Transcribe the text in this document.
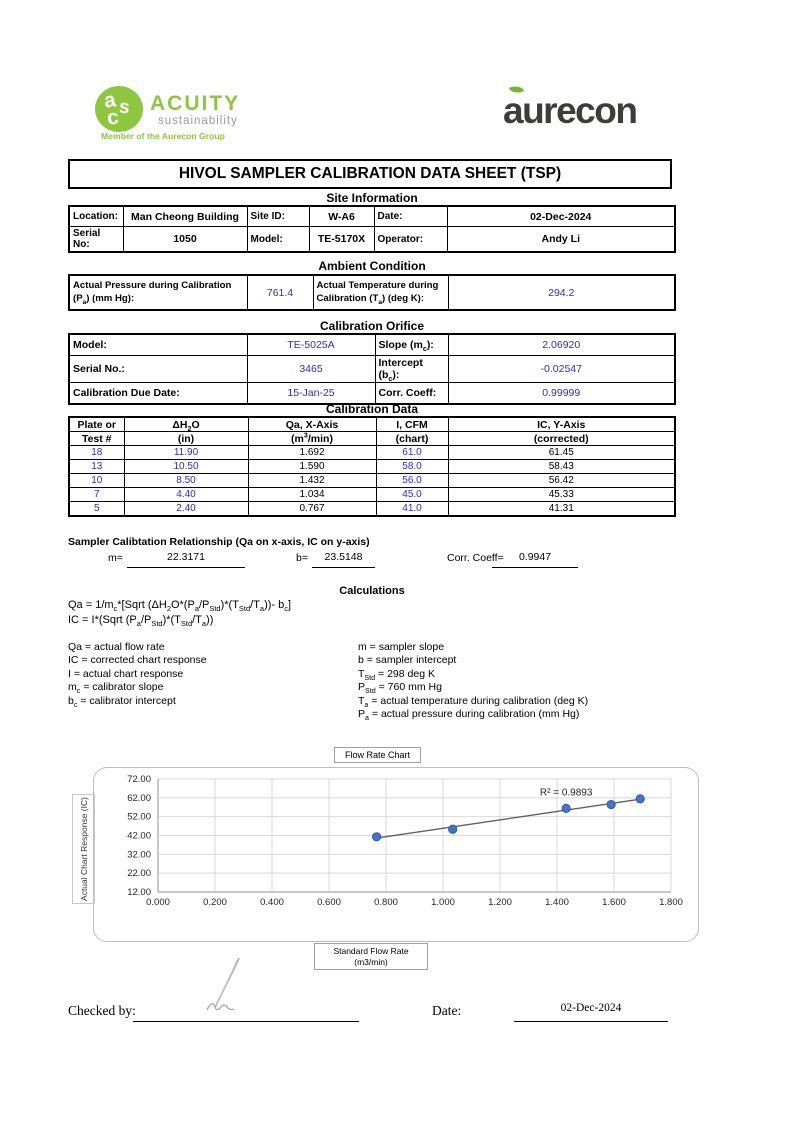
a s
c
ACUITY
sustainability
Member of the Aurecon Group
aurecon
HIVOL SAMPLER CALIBRATION DATA SHEET (TSP)
Site Information
Location:	Man Cheong Building	Site ID:	W-A6	Date:	02-Dec-2024
Serial No:	1050	Model:	TE-5170X	Operator:	Andy Li
Ambient Condition
Actual Pressure during Calibration $(P_a)$ (mm Hg):	761.4	Actual Temperature during Calibration $(T_a)$ (deg K):	294.2
Calibration Orifice
Model:	TE-5025A	Slope $(m_c)$:	2.06920
Serial No.:	3465	Intercept $(b_c)$:	-0.02547
Calibration Due Date:	15-Jan-25	Corr. Coeff:	0.99999
Calibration Data
Plate or	$\Delta H_2O$	Qa, X-Axis	I, CFM	IC, Y-Axis
Test #	(in)	$(m^3/\min)$	(chart)	(corrected)
18	11.90	1.692	61.0	61.45
13	10.50	1.590	58.0	58.43
10	8.50	1.432	56.0	56.42
7	4.40	1.034	45.0	45.33
5	2.40	0.767	41.0	41.31
Sampler Calibtation Relationship (Qa on x-axis, IC on y-axis)
m=	22.3171	b=	23.5148	Corr. Coeff=	0.9947
Calculations
$Qa = 1/m_c*[Sqrt$ $(\Delta H_2O*(P_a/P_{Std})*(T_{Std}/T_a))-$ $b_c$]
IC = I*(Sqrt $(P_a/P_{Std})*(T_{Std}/T_a)$)
Qa = actual flow rate
IC = corrected chart response
I = actual chart response
$m_c$ = calibrator slope
$b_c$ = calibrator intercept
m = sampler slope
b = sampler intercept
$T_{Std} = 298$ deg K
$P_{Std} = 760$ mm Hg
$T_a$ = actual temperature during calibration (deg K)
$P_a$ = actual pressure during calibration (mm Hg)
Flow Rate Chart
0.000	0.200	0.400	0.600	0.800	1.000	1.200	1.400	1.600	1.800
72.00
62.00
52.00
42.00
32.00
22.00
12.00
R² = 0.9893
Actual Chart Response (IC)
Standard Flow Rate
(m3/min)
Checked by:	Date:	02-Dec-2024
